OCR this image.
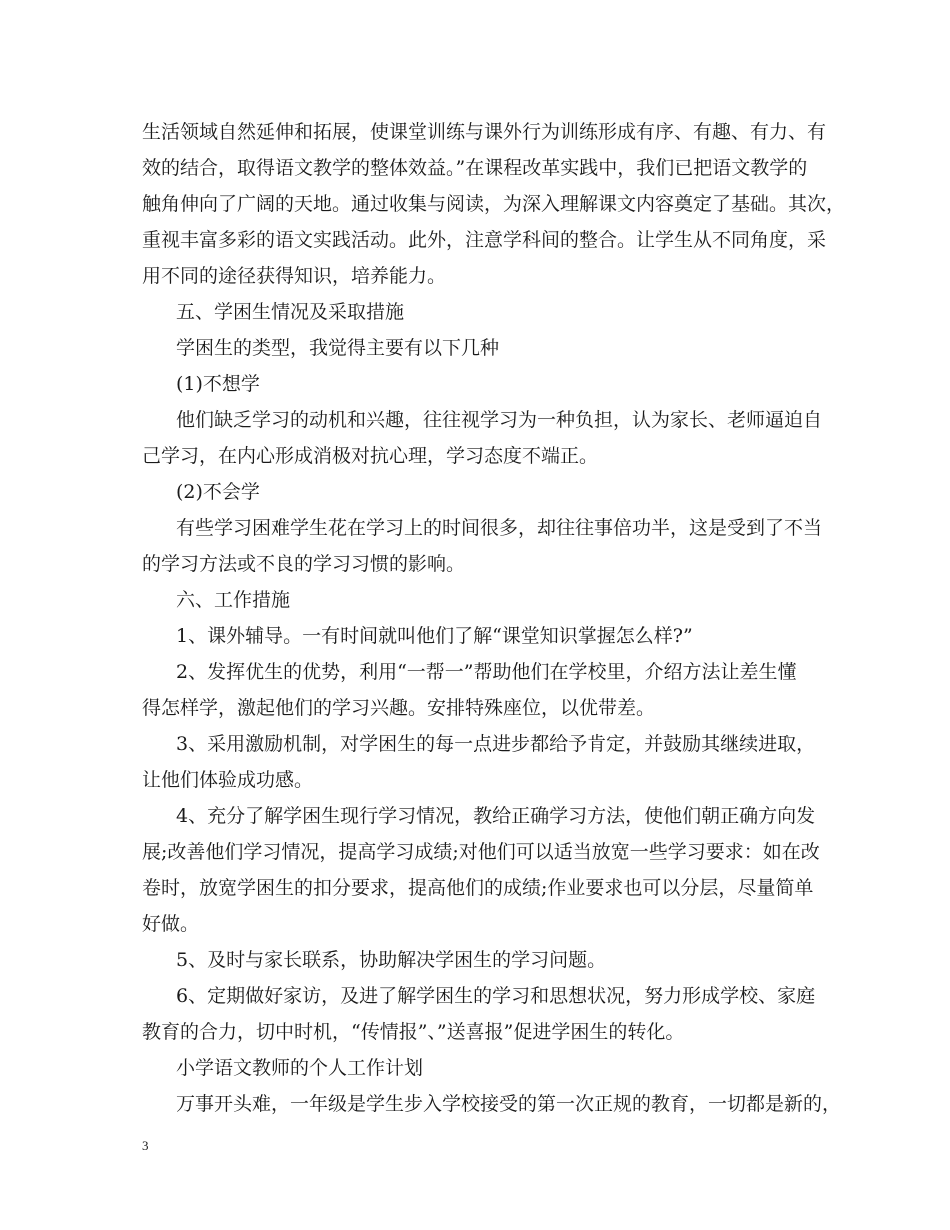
生活领域自然延伸和拓展，使课堂训练与课外行为训练形成有序、有趣、有力、有
效的结合，取得语文教学的整体效益。”在课程改革实践中，我们已把语文教学的
触角伸向了广阔的天地。通过收集与阅读，为深入理解课文内容奠定了基础。其次，
重视丰富多彩的语文实践活动。此外，注意学科间的整合。让学生从不同角度，采
用不同的途径获得知识，培养能力。
五、学困生情况及采取措施
学困生的类型，我觉得主要有以下几种
(1)不想学
他们缺乏学习的动机和兴趣，往往视学习为一种负担，认为家长、老师逼迫自
己学习，在内心形成消极对抗心理，学习态度不端正。
(2)不会学
有些学习困难学生花在学习上的时间很多，却往往事倍功半，这是受到了不当
的学习方法或不良的学习习惯的影响。
六、工作措施
1、课外辅导。一有时间就叫他们了解“课堂知识掌握怎么样?”
2、发挥优生的优势，利用“一帮一”帮助他们在学校里，介绍方法让差生懂
得怎样学，激起他们的学习兴趣。安排特殊座位，以优带差。
3、采用激励机制，对学困生的每一点进步都给予肯定，并鼓励其继续进取，
让他们体验成功感。
4、充分了解学困生现行学习情况，教给正确学习方法，使他们朝正确方向发
展;改善他们学习情况，提高学习成绩;对他们可以适当放宽一些学习要求：如在改
卷时，放宽学困生的扣分要求，提高他们的成绩;作业要求也可以分层，尽量简单
好做。
5、及时与家长联系，协助解决学困生的学习问题。
6、定期做好家访，及进了解学困生的学习和思想状况，努力形成学校、家庭
教育的合力，切中时机，“传情报”、”送喜报”促进学困生的转化。
小学语文教师的个人工作计划
万事开头难，一年级是学生步入学校接受的第一次正规的教育，一切都是新的，
3
